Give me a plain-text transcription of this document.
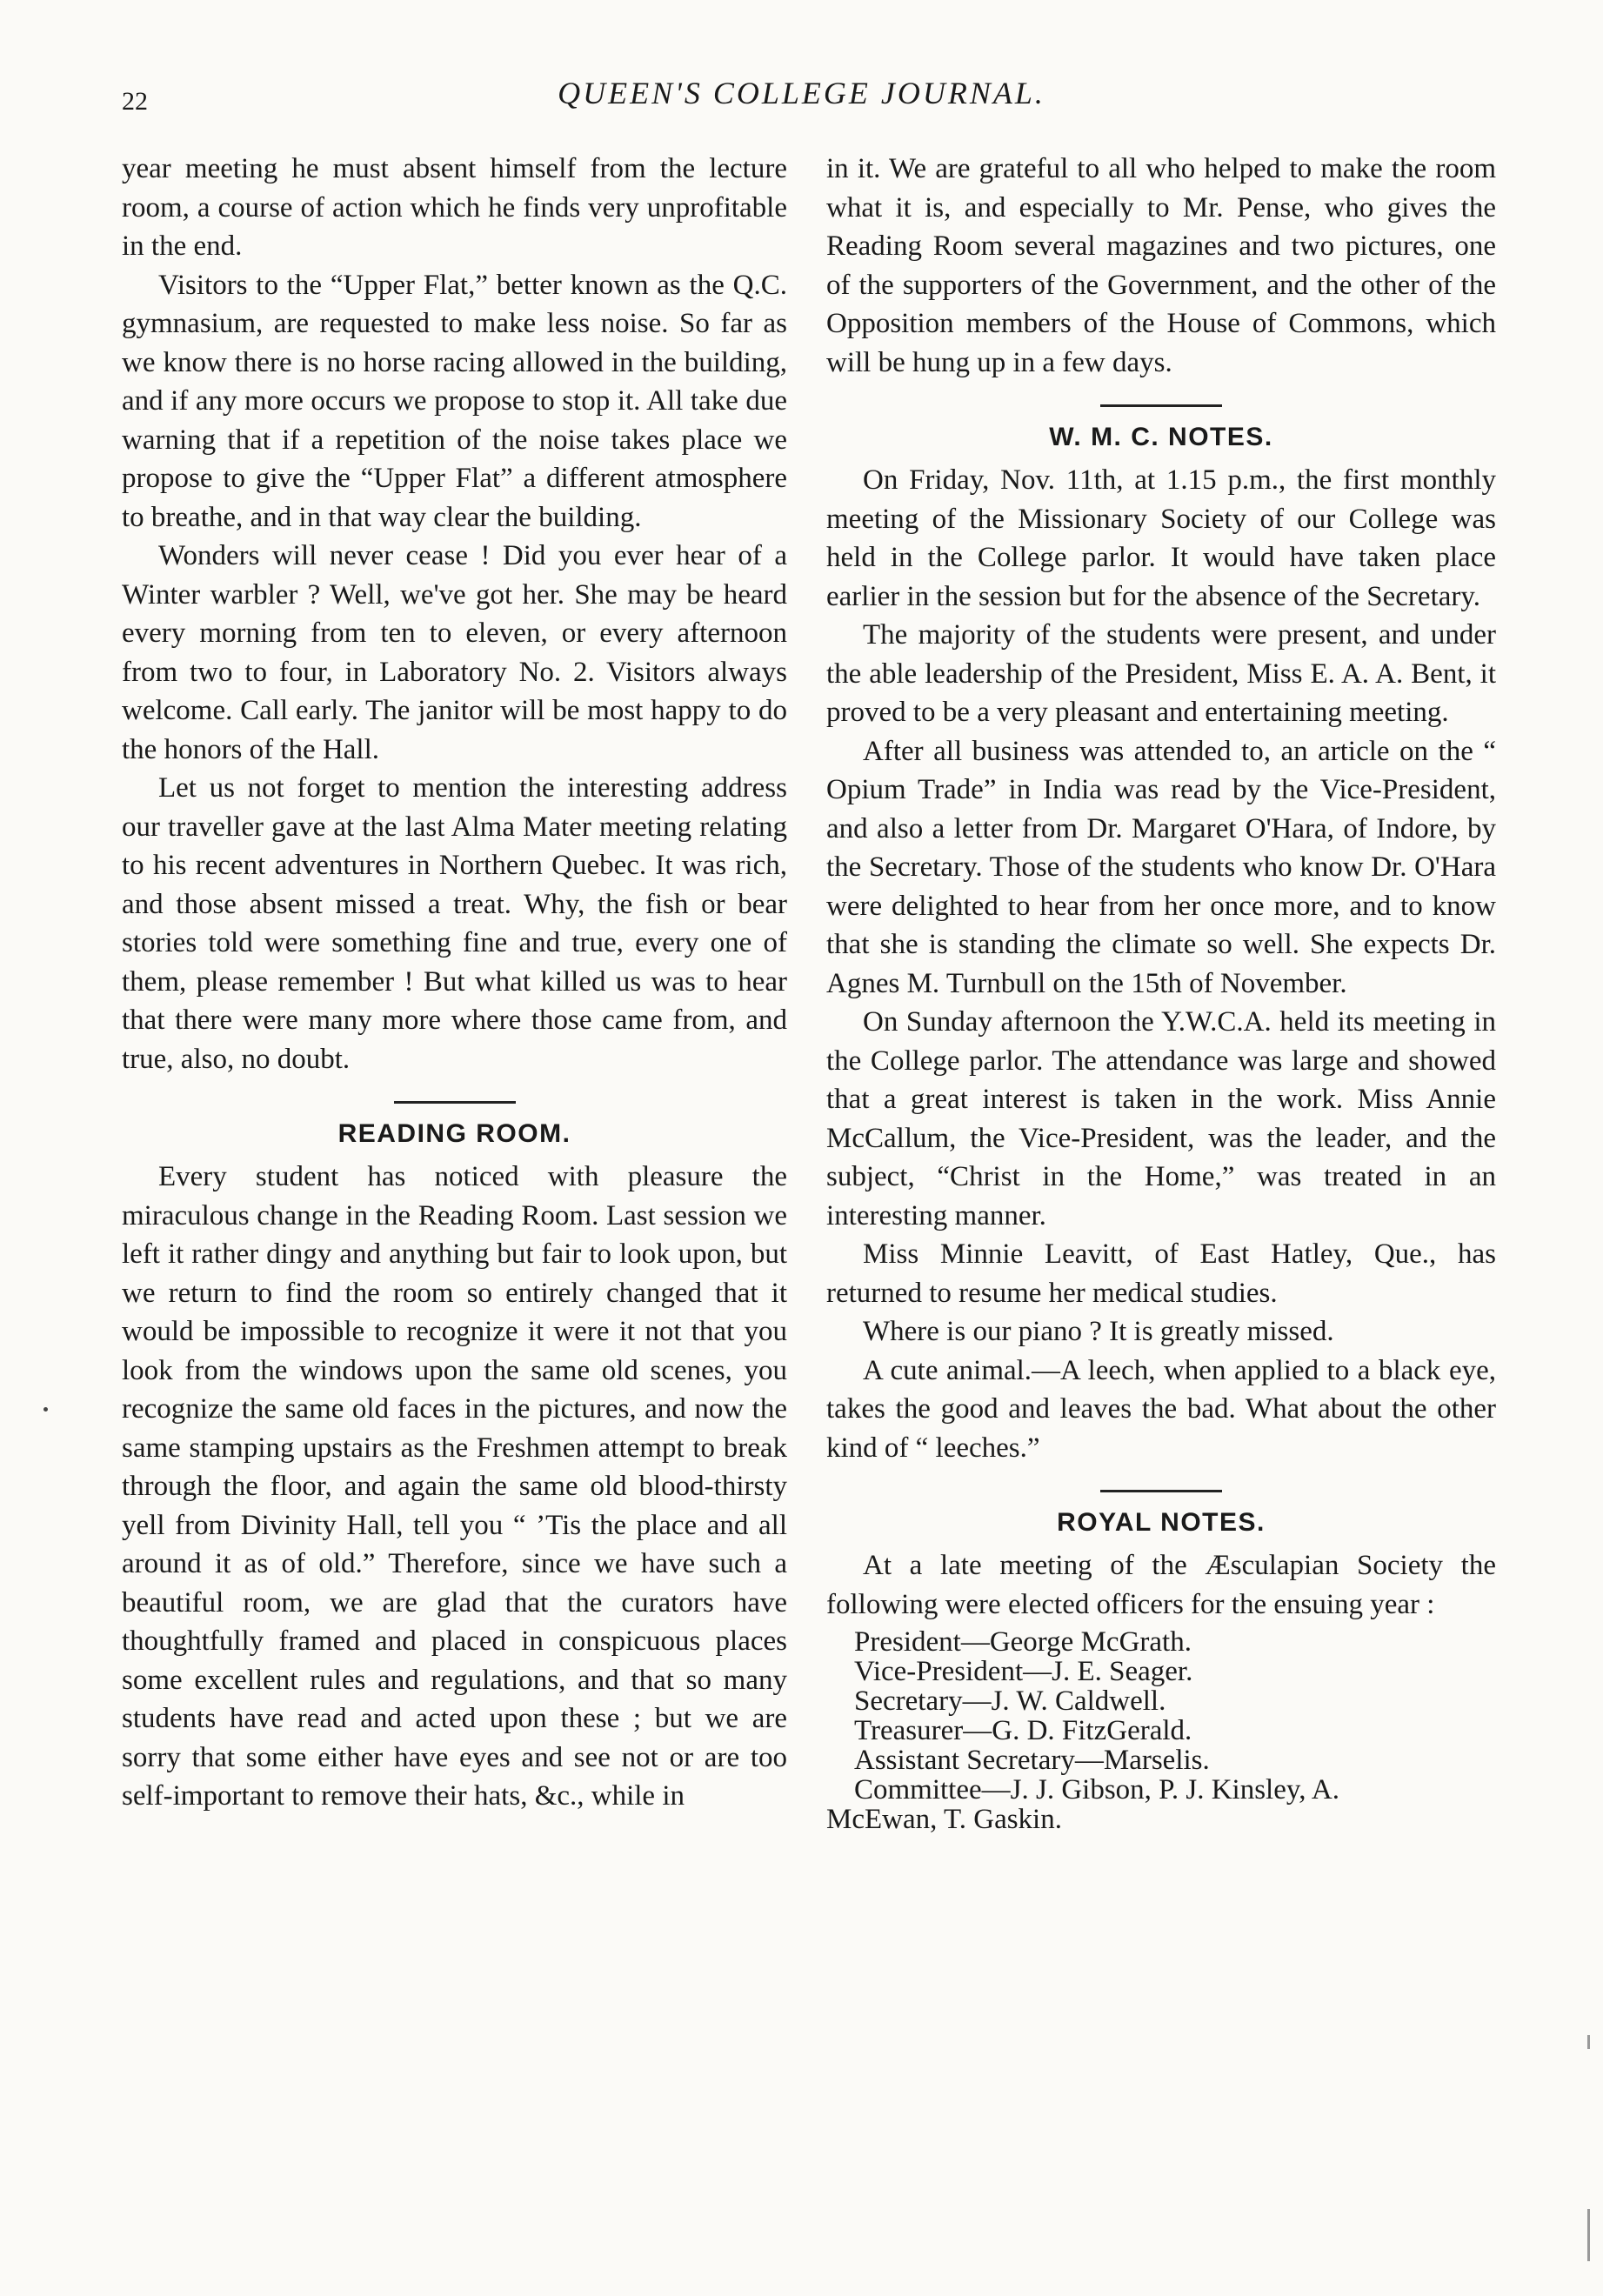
22	QUEEN'S COLLEGE JOURNAL.

year meeting he must absent himself from the lecture room, a course of action which he finds very unprofitable in the end.

Visitors to the “Upper Flat,” better known as the Q.C. gymnasium, are requested to make less noise. So far as we know there is no horse racing allowed in the building, and if any more occurs we propose to stop it. All take due warning that if a repetition of the noise takes place we propose to give the “Upper Flat” a different atmosphere to breathe, and in that way clear the building.

Wonders will never cease ! Did you ever hear of a Winter warbler ? Well, we've got her. She may be heard every morning from ten to eleven, or every afternoon from two to four, in Laboratory No. 2. Visitors always welcome. Call early. The janitor will be most happy to do the honors of the Hall.

Let us not forget to mention the interesting address our traveller gave at the last Alma Mater meeting relating to his recent adventures in Northern Quebec. It was rich, and those absent missed a treat. Why, the fish or bear stories told were something fine and true, every one of them, please remember ! But what killed us was to hear that there were many more where those came from, and true, also, no doubt.

READING ROOM.

Every student has noticed with pleasure the miraculous change in the Reading Room. Last session we left it rather dingy and anything but fair to look upon, but we return to find the room so entirely changed that it would be impossible to recognize it were it not that you look from the windows upon the same old scenes, you recognize the same old faces in the pictures, and now the same stamping upstairs as the Freshmen attempt to break through the floor, and again the same old blood-thirsty yell from Divinity Hall, tell you “ ’Tis the place and all around it as of old.” Therefore, since we have such a beautiful room, we are glad that the curators have thoughtfully framed and placed in conspicuous places some excellent rules and regulations, and that so many students have read and acted upon these ; but we are sorry that some either have eyes and see not or are too self-important to remove their hats, &c., while in

in it. We are grateful to all who helped to make the room what it is, and especially to Mr. Pense, who gives the Reading Room several magazines and two pictures, one of the supporters of the Government, and the other of the Opposition members of the House of Commons, which will be hung up in a few days.

W. M. C. NOTES.

On Friday, Nov. 11th, at 1.15 p.m., the first monthly meeting of the Missionary Society of our College was held in the College parlor. It would have taken place earlier in the session but for the absence of the Secretary.

The majority of the students were present, and under the able leadership of the President, Miss E. A. A. Bent, it proved to be a very pleasant and entertaining meeting.

After all business was attended to, an article on the “ Opium Trade” in India was read by the Vice-President, and also a letter from Dr. Margaret O'Hara, of Indore, by the Secretary. Those of the students who know Dr. O'Hara were delighted to hear from her once more, and to know that she is standing the climate so well. She expects Dr. Agnes M. Turnbull on the 15th of November.

On Sunday afternoon the Y.W.C.A. held its meeting in the College parlor. The attendance was large and showed that a great interest is taken in the work. Miss Annie McCallum, the Vice-President, was the leader, and the subject, “Christ in the Home,” was treated in an interesting manner.

Miss Minnie Leavitt, of East Hatley, Que., has returned to resume her medical studies.

Where is our piano ? It is greatly missed.

A cute animal.—A leech, when applied to a black eye, takes the good and leaves the bad. What about the other kind of “ leeches.”

ROYAL NOTES.

At a late meeting of the Æsculapian Society the following were elected officers for the ensuing year :

President—George McGrath.
Vice-President—J. E. Seager.
Secretary—J. W. Caldwell.
Treasurer—G. D. FitzGerald.
Assistant Secretary—Marselis.
Committee—J. J. Gibson, P. J. Kinsley, A.
McEwan, T. Gaskin.
